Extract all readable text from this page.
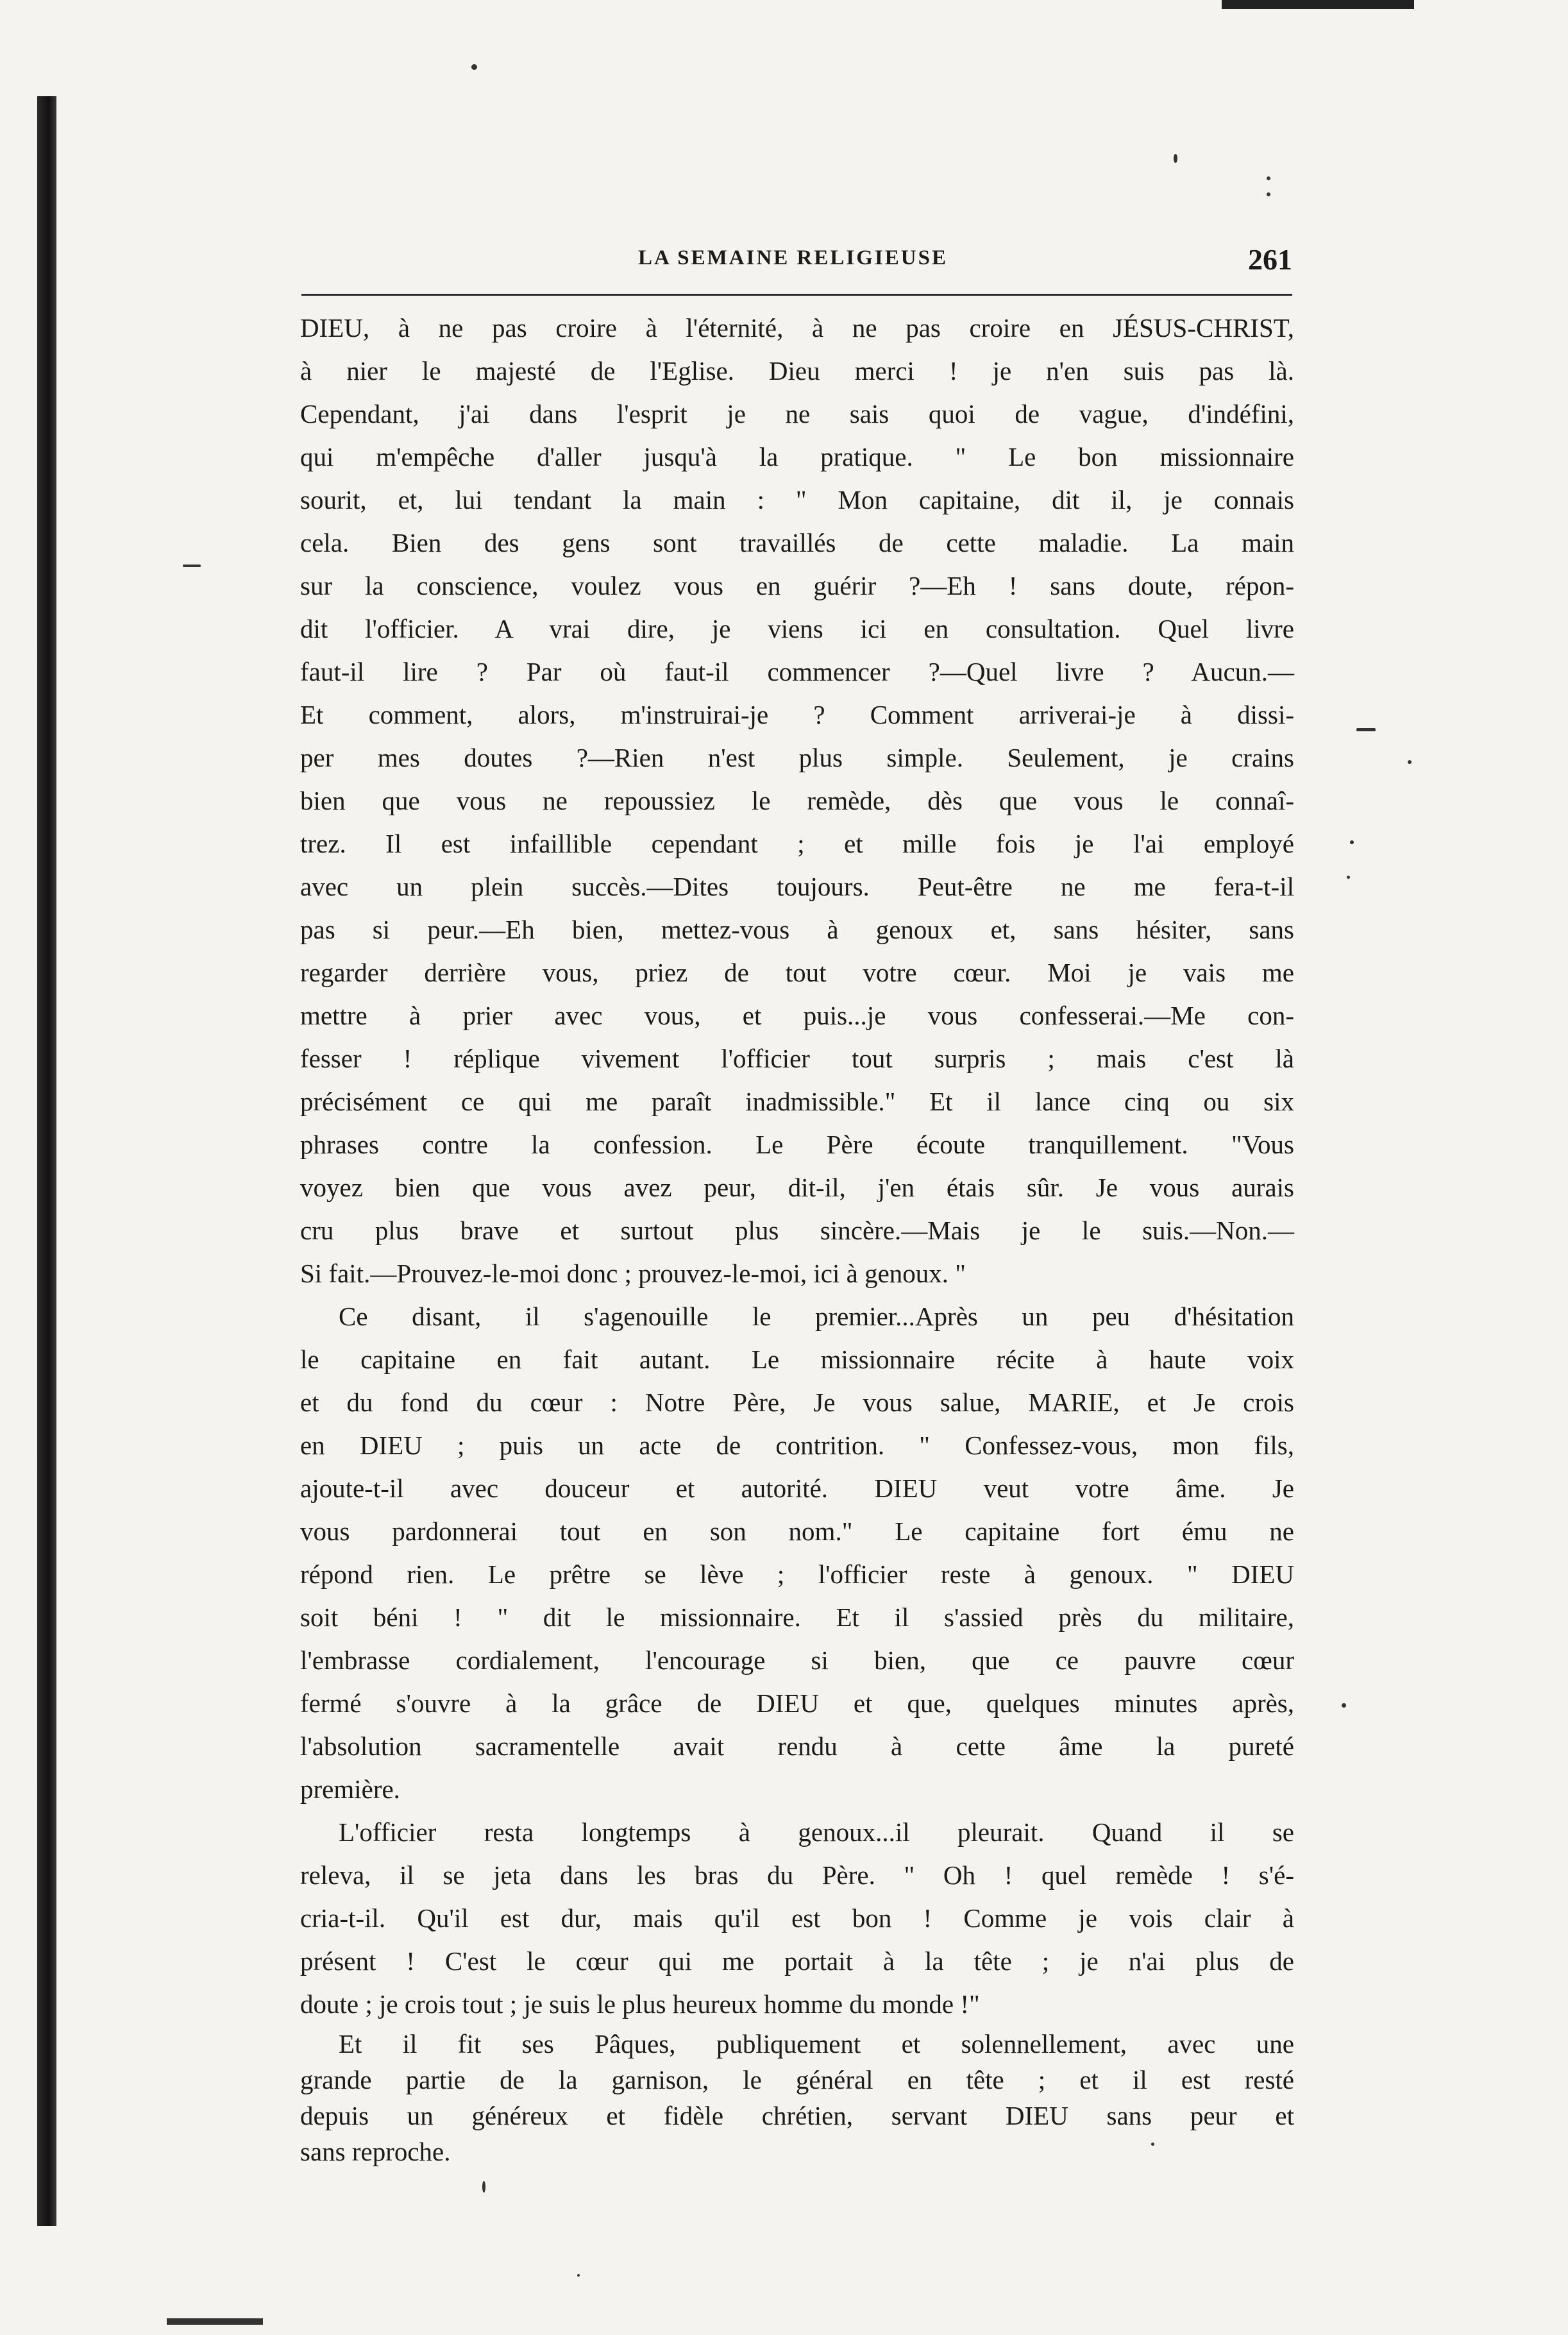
LA SEMAINE RELIGIEUSE	261
DIEU, à ne pas croire à l'éternité, à ne pas croire en JÉSUS-CHRIST,
à nier le majesté de l'Eglise. Dieu merci ! je n'en suis pas là.
Cependant, j'ai dans l'esprit je ne sais quoi de vague, d'indéfini,
qui m'empêche d'aller jusqu'à la pratique. " Le bon missionnaire
sourit, et, lui tendant la main : " Mon capitaine, dit il, je connais
cela. Bien des gens sont travaillés de cette maladie. La main
sur la conscience, voulez vous en guérir ?—Eh ! sans doute, répon-
dit l'officier. A vrai dire, je viens ici en consultation. Quel livre
faut-il lire ? Par où faut-il commencer ?—Quel livre ? Aucun.—
Et comment, alors, m'instruirai-je ? Comment arriverai-je à dissi-
per mes doutes ?—Rien n'est plus simple. Seulement, je crains
bien que vous ne repoussiez le remède, dès que vous le connaî-
trez. Il est infaillible cependant ; et mille fois je l'ai employé
avec un plein succès.—Dites toujours. Peut-être ne me fera-t-il
pas si peur.—Eh bien, mettez-vous à genoux et, sans hésiter, sans
regarder derrière vous, priez de tout votre cœur. Moi je vais me
mettre à prier avec vous, et puis...je vous confesserai.—Me con-
fesser ! réplique vivement l'officier tout surpris ; mais c'est là
précisément ce qui me paraît inadmissible." Et il lance cinq ou six
phrases contre la confession. Le Père écoute tranquillement. "Vous
voyez bien que vous avez peur, dit-il, j'en étais sûr. Je vous aurais
cru plus brave et surtout plus sincère.—Mais je le suis.—Non.—
Si fait.—Prouvez-le-moi donc ; prouvez-le-moi, ici à genoux. "
Ce disant, il s'agenouille le premier...Après un peu d'hésitation
le capitaine en fait autant. Le missionnaire récite à haute voix
et du fond du cœur : Notre Père, Je vous salue, MARIE, et Je crois
en DIEU ; puis un acte de contrition. " Confessez-vous, mon fils,
ajoute-t-il avec douceur et autorité. DIEU veut votre âme. Je
vous pardonnerai tout en son nom." Le capitaine fort ému ne
répond rien. Le prêtre se lève ; l'officier reste à genoux. " DIEU
soit béni ! " dit le missionnaire. Et il s'assied près du militaire,
l'embrasse cordialement, l'encourage si bien, que ce pauvre cœur
fermé s'ouvre à la grâce de DIEU et que, quelques minutes après,
l'absolution sacramentelle avait rendu à cette âme la pureté
première.
L'officier resta longtemps à genoux...il pleurait. Quand il se
releva, il se jeta dans les bras du Père. " Oh ! quel remède ! s'é-
cria-t-il. Qu'il est dur, mais qu'il est bon ! Comme je vois clair à
présent ! C'est le cœur qui me portait à la tête ; je n'ai plus de
doute ; je crois tout ; je suis le plus heureux homme du monde !"
Et il fit ses Pâques, publiquement et solennellement, avec une
grande partie de la garnison, le général en tête ; et il est resté
depuis un généreux et fidèle chrétien, servant DIEU sans peur et
sans reproche.
